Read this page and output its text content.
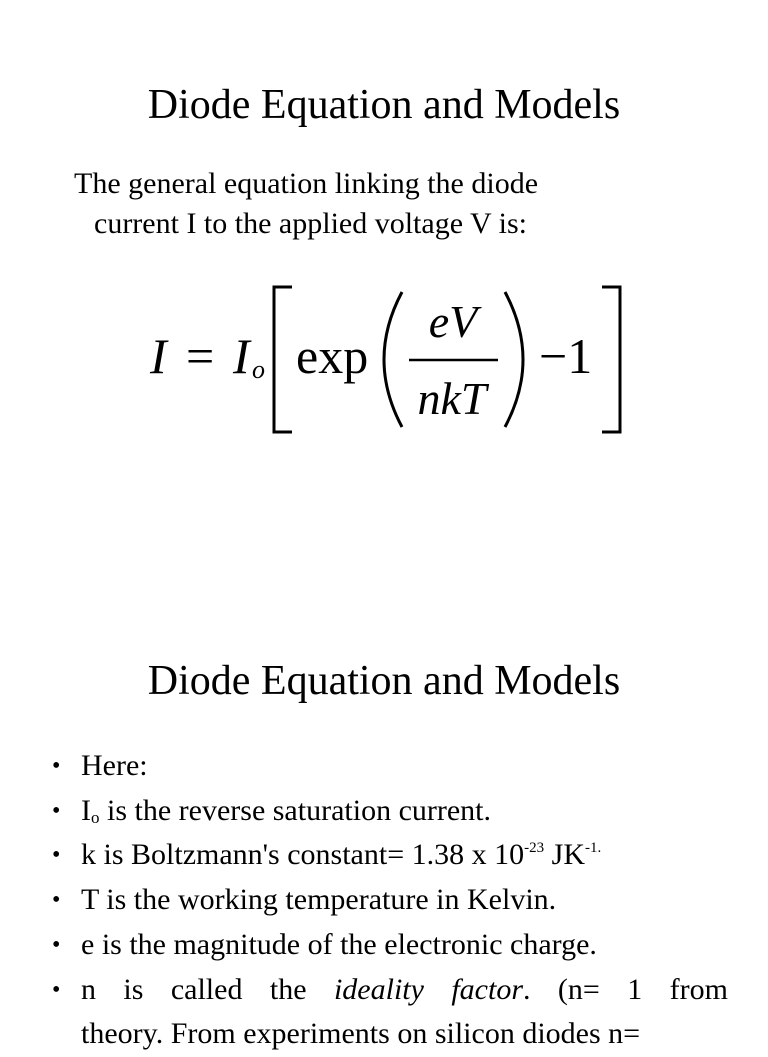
Diode Equation and Models

The general equation linking the diode
current I to the applied voltage V is:

I = I o exp
eV
nkT
−1
Diode Equation and Models
• Here:
• $I_o$ is the reverse saturation current.
• k is Boltzmann's constant= 1.38 x $10^{-23}$ $JK^{-1.}$
• T is the working temperature in Kelvin.
• e is the magnitude of the electronic charge.
• n is called the ideality factor. (n= 1 from
theory. From experiments on silicon diodes n=
